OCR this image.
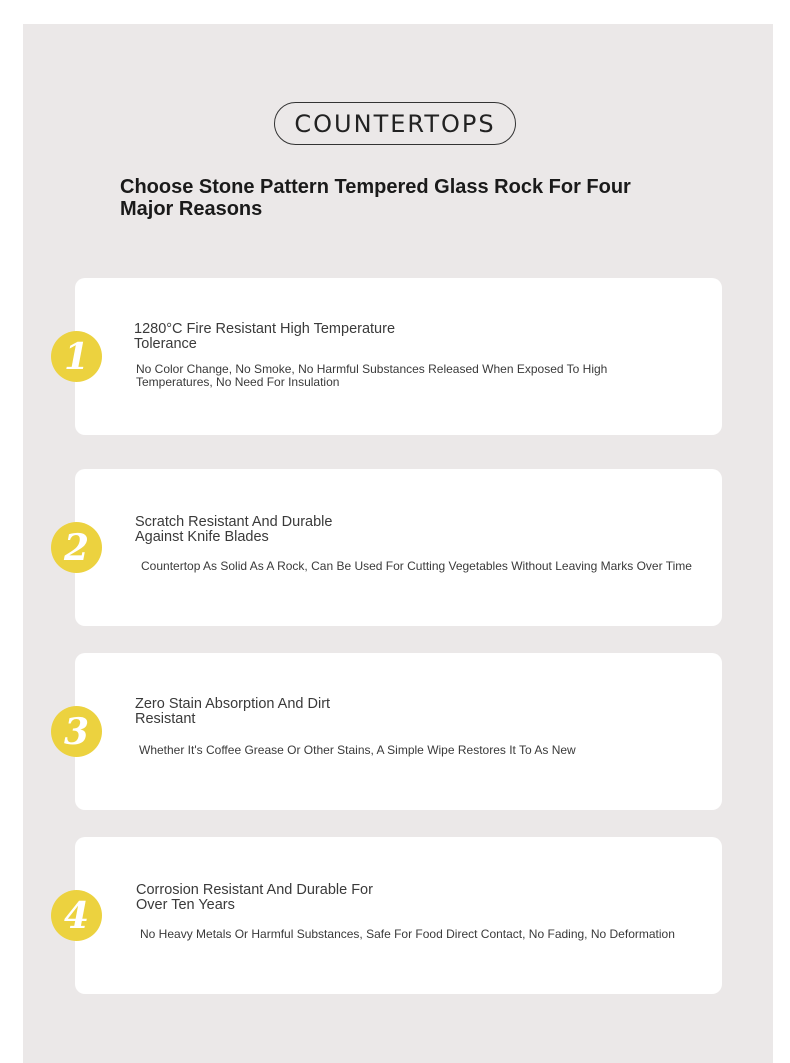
COUNTERTOPS
Choose Stone Pattern Tempered Glass Rock For Four Major Reasons
1
1280°C Fire Resistant High Temperature
Tolerance
No Color Change, No Smoke, No Harmful Substances Released When Exposed To High Temperatures, No Need For Insulation
2
Scratch Resistant And Durable
Against Knife Blades
Countertop As Solid As A Rock, Can Be Used For Cutting Vegetables Without Leaving Marks Over Time
3
Zero Stain Absorption And Dirt
Resistant
Whether It's Coffee Grease Or Other Stains, A Simple Wipe Restores It To As New
4
Corrosion Resistant And Durable For
Over Ten Years
No Heavy Metals Or Harmful Substances, Safe For Food Direct Contact, No Fading, No Deformation
